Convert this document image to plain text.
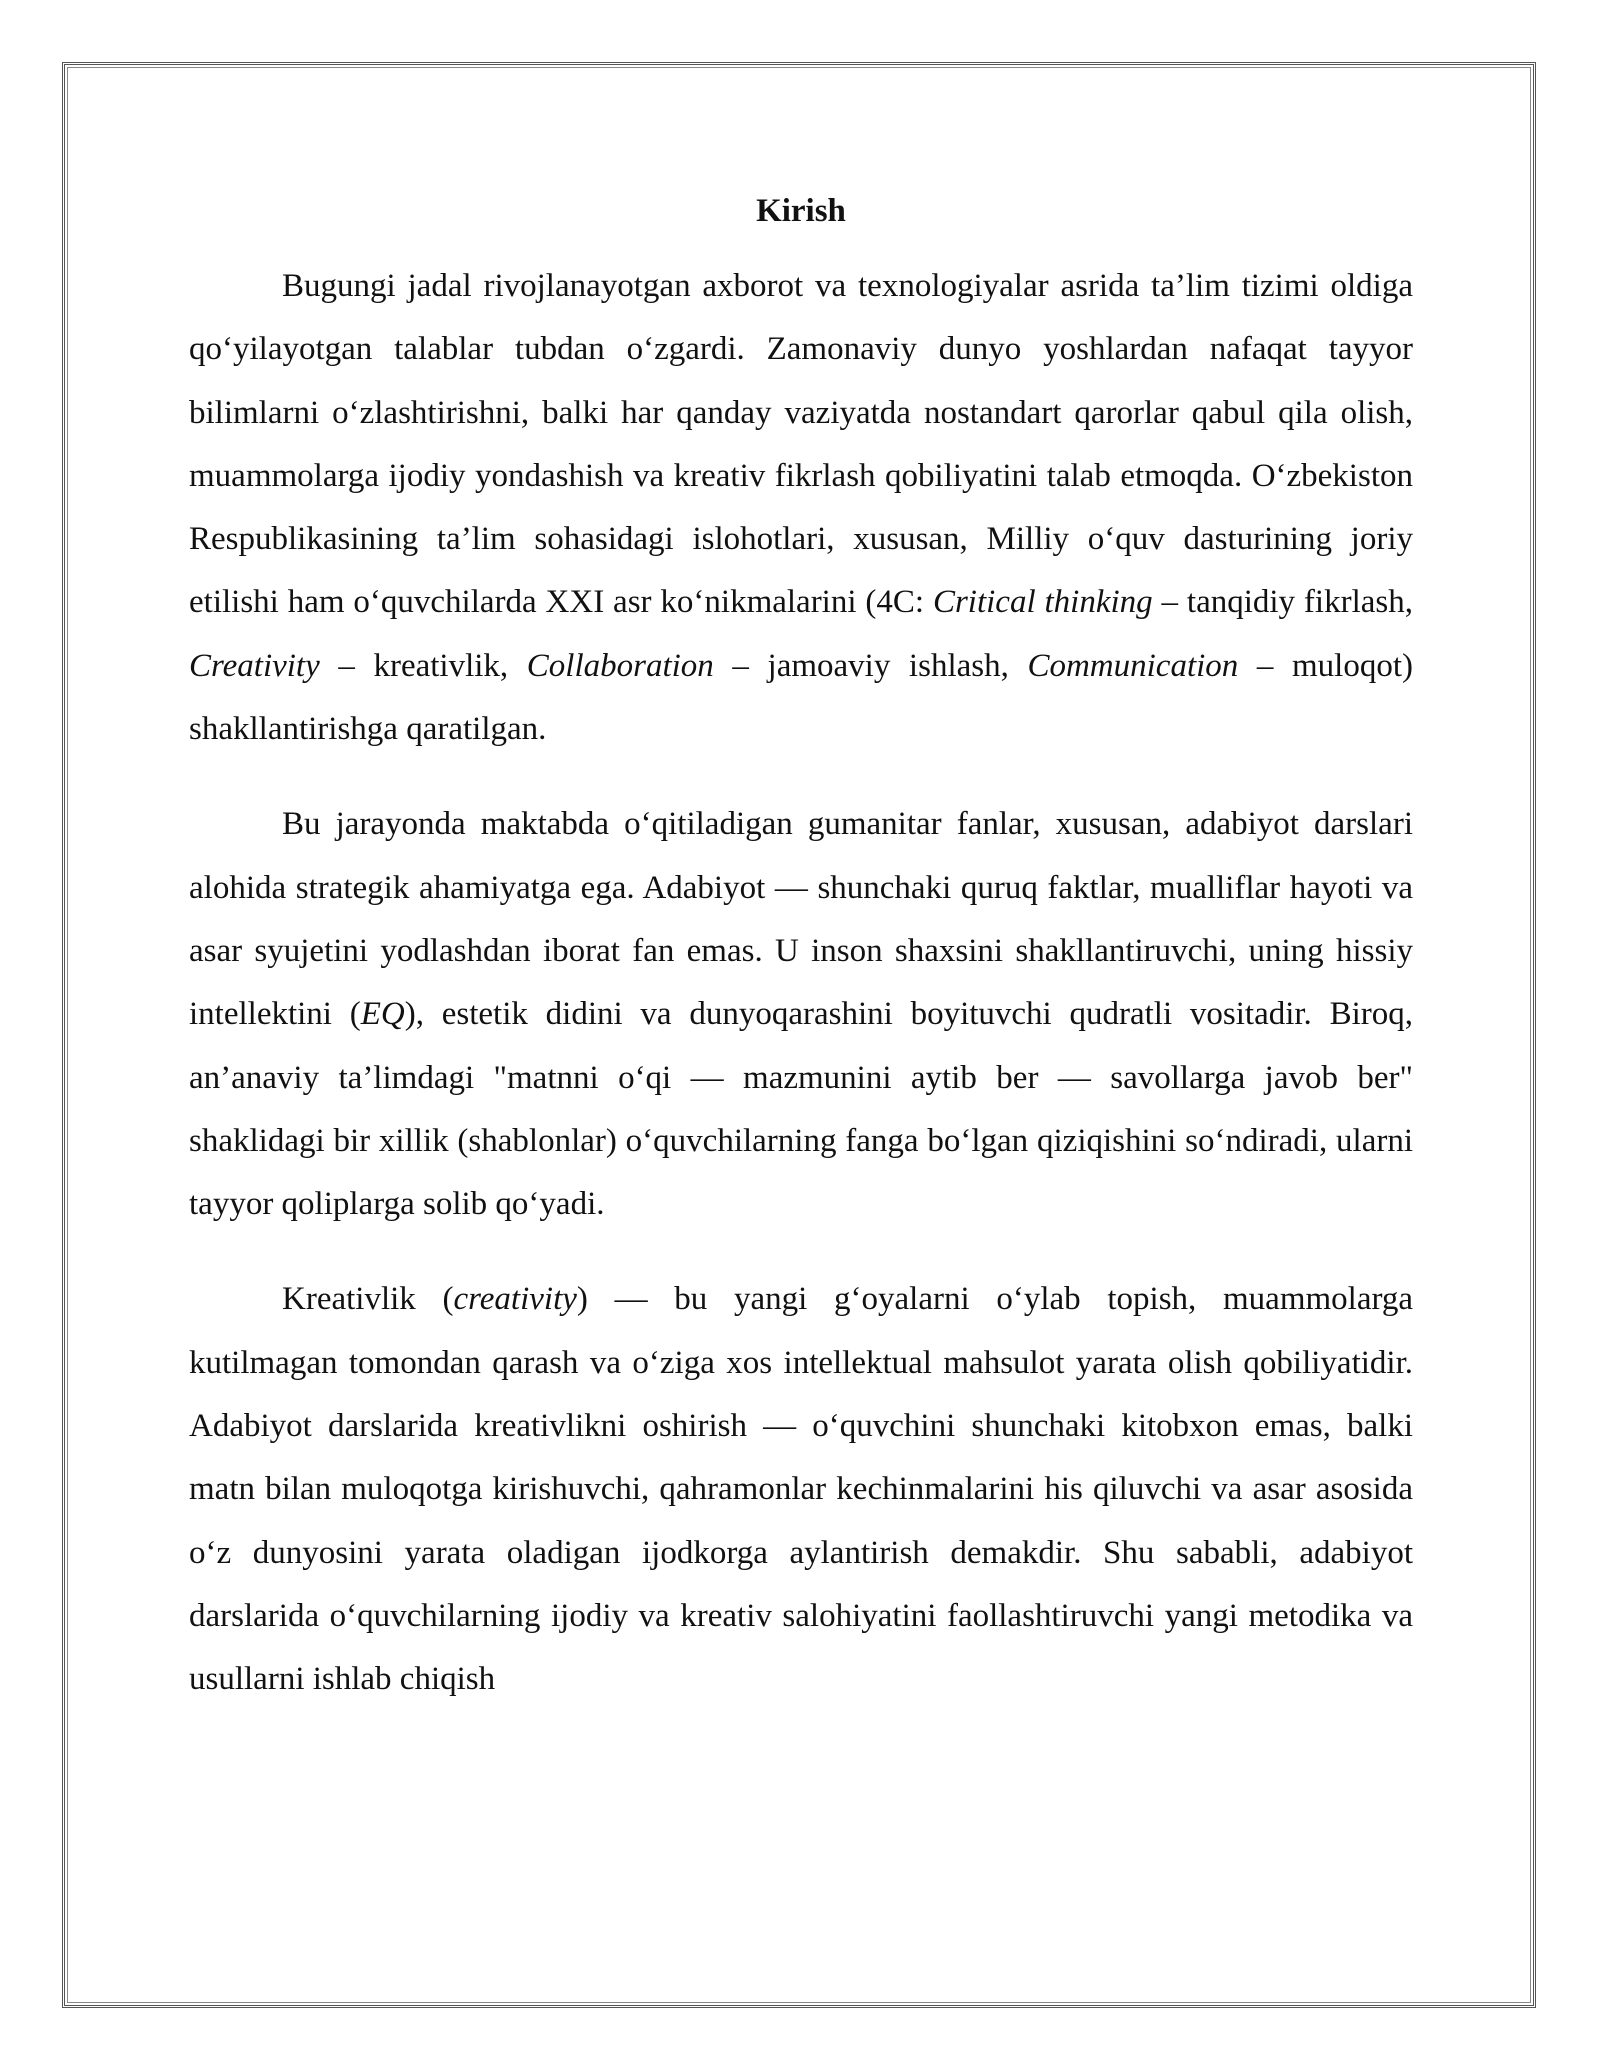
Kirish

Bugungi jadal rivojlanayotgan axborot va texnologiyalar asrida ta’lim tizimi oldiga qo‘yilayotgan talablar tubdan o‘zgardi. Zamonaviy dunyo yoshlardan nafaqat tayyor bilimlarni o‘zlashtirishni, balki har qanday vaziyatda nostandart qarorlar qabul qila olish, muammolarga ijodiy yondashish va kreativ fikrlash qobiliyatini talab etmoqda. O‘zbekiston Respublikasining ta’lim sohasidagi islohotlari, xususan, Milliy o‘quv dasturining joriy etilishi ham o‘quvchilarda XXI asr ko‘nikmalarini (4C: Critical thinking – tanqidiy fikrlash, Creativity – kreativlik, Collaboration – jamoaviy ishlash, Communication – muloqot) shakllantirishga qaratilgan.

Bu jarayonda maktabda o‘qitiladigan gumanitar fanlar, xususan, adabiyot darslari alohida strategik ahamiyatga ega. Adabiyot — shunchaki quruq faktlar, mualliflar hayoti va asar syujetini yodlashdan iborat fan emas. U inson shaxsini shakllantiruvchi, uning hissiy intellektini (EQ), estetik didini va dunyoqarashini boyituvchi qudratli vositadir. Biroq, an’anaviy ta’limdagi "matnni o‘qi — mazmunini aytib ber — savollarga javob ber" shaklidagi bir xillik (shablonlar) o‘quvchilarning fanga bo‘lgan qiziqishini so‘ndiradi, ularni tayyor qoliplarga solib qo‘yadi.

Kreativlik (creativity) — bu yangi g‘oyalarni o‘ylab topish, muammolarga kutilmagan tomondan qarash va o‘ziga xos intellektual mahsulot yarata olish qobiliyatidir. Adabiyot darslarida kreativlikni oshirish — o‘quvchini shunchaki kitobxon emas, balki matn bilan muloqotga kirishuvchi, qahramonlar kechinmalarini his qiluvchi va asar asosida o‘z dunyosini yarata oladigan ijodkorga aylantirish demakdir. Shu sababli, adabiyot darslarida o‘quvchilarning ijodiy va kreativ salohiyatini faollashtiruvchi yangi metodika va usullarni ishlab chiqish
